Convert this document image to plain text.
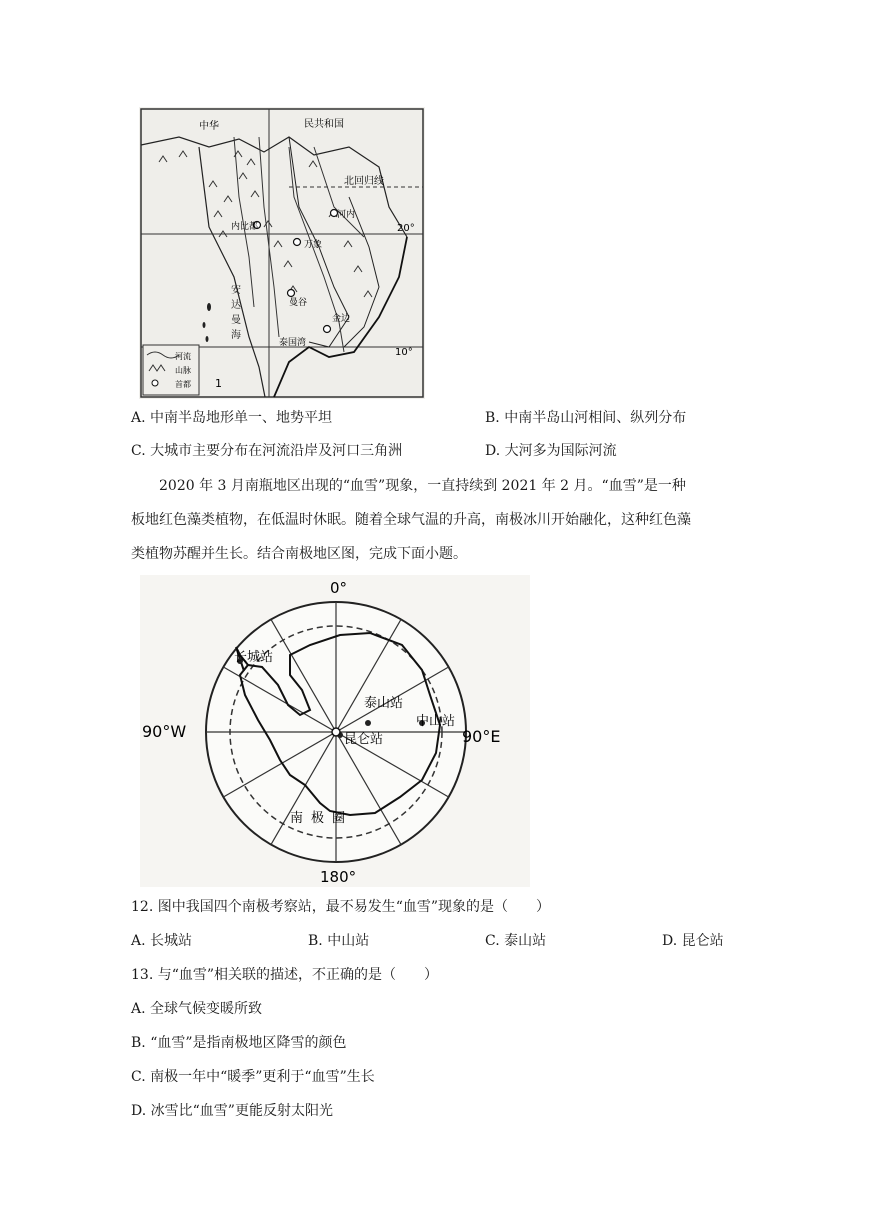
中华	民共和国
北回归线
20°
10°
河内
万象
内比都
曼谷
金边
泰国湾
河流
山脉
首都 1
安达曼海
A. 中南半岛地形单一、地势平坦	B. 中南半岛山河相间、纵列分布
C. 大城市主要分布在河流沿岸及河口三角洲	D. 大河多为国际河流
2020 年 3 月南瓶地区出现的“血雪”现象，一直持续到 2021 年 2 月。“血雪”是一种
板地红色藻类植物，在低温时休眠。随着全球气温的升高，南极冰川开始融化，这种红色藻
类植物苏醒并生长。结合南极地区图，完成下面小题。
0°
90°W	90°E
180°
长城站
泰山站
中山站
昆仑站
南极圈
12. 图中我国四个南极考察站，最不易发生“血雪”现象的是（　　）
A. 长城站	B. 中山站	C. 泰山站	D. 昆仑站
13. 与“血雪”相关联的描述，不正确的是（　　）
A. 全球气候变暖所致
B. “血雪”是指南极地区降雪的颜色
C. 南极一年中“暖季”更利于“血雪”生长
D. 冰雪比“血雪”更能反射太阳光
